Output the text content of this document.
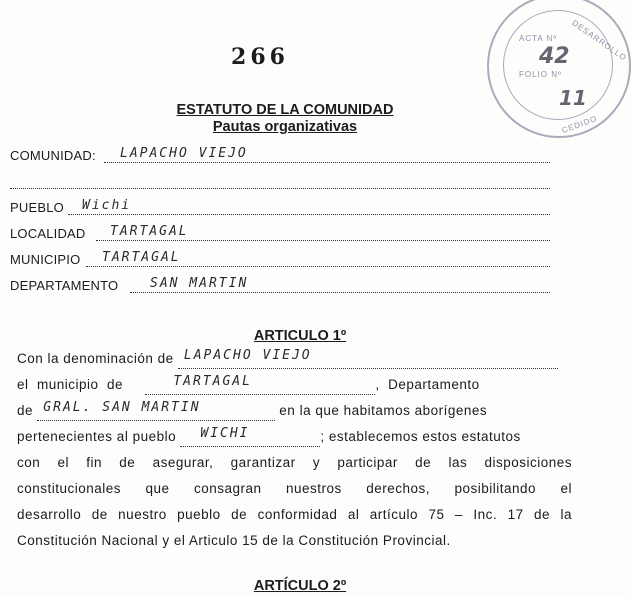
266
ACTA Nº
42 DESARROLLO
FOLIO Nº
11
CEDIDO
ESTATUTO DE LA COMUNIDAD
Pautas organizativas
COMUNIDAD: LAPACHO VIEJO
PUEBLO Wichi
LOCALIDAD TARTAGAL
MUNICIPIO TARTAGAL
DEPARTAMENTO SAN MARTIN
ARTICULO 1º
Con la denominación de LAPACHO VIEJO
el  municipio  de	TARTAGAL	,  Departamento
de GRAL. SAN MARTIN	en la que habitamos aborígenes
pertenecientes al pueblo WICHI	; establecemos estos estatutos
con el fin de asegurar, garantizar y participar de las disposiciones
constitucionales que consagran nuestros derechos, posibilitando el
desarrollo de nuestro pueblo de conformidad al artículo 75 – Inc. 17 de la
Constitución Nacional y el Articulo 15 de la Constitución Provincial.
ARTÍCULO 2º
